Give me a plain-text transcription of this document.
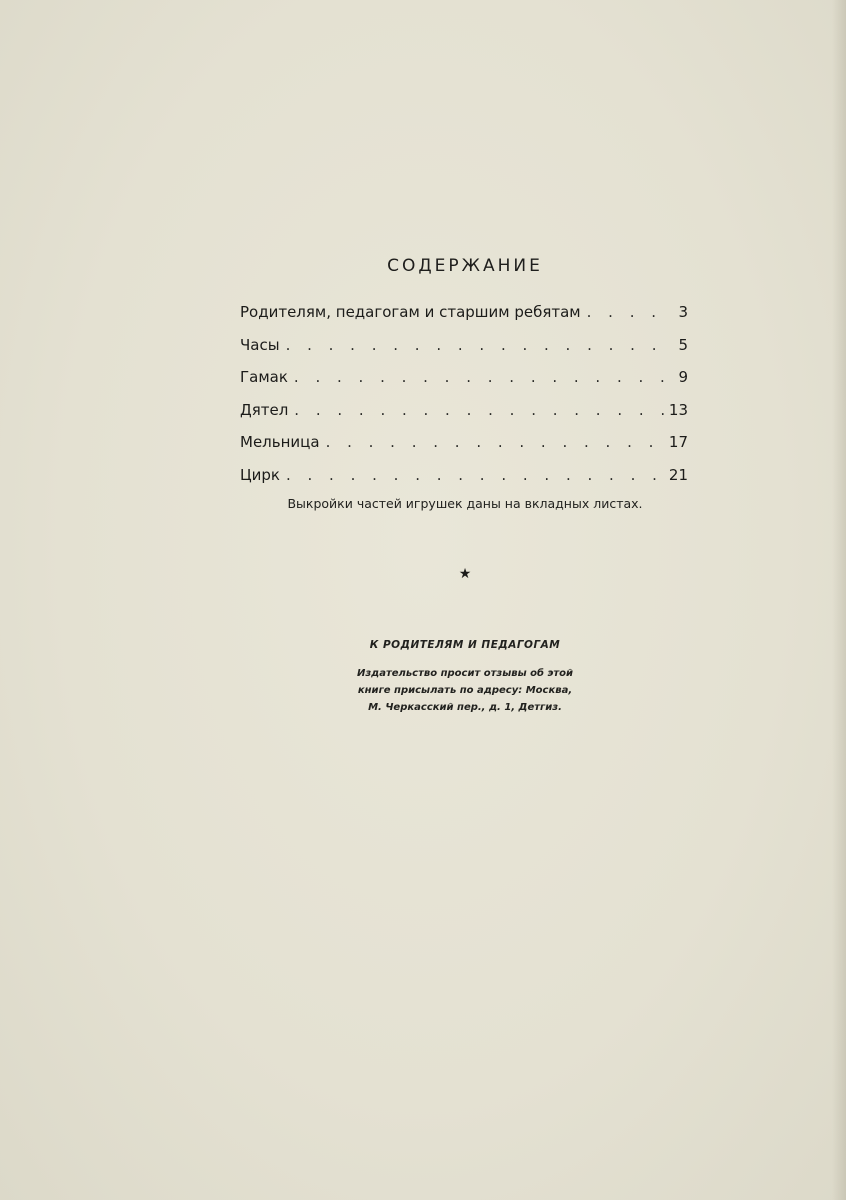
СОДЕРЖАНИЕ
Родителям, педагогам и старшим ребятам . . .	3
Часы . . .	5
Гамак . . .	9
Дятел . . .	13
Мельница . . .	17
Цирк . . .	21
Выкройки частей игрушек даны на вкладных листах.
★
К РОДИТЕЛЯМ И ПЕДАГОГАМ
Издательство просит отзывы об этой
книге присылать по адресу: Москва,
М. Черкасский пер., д. 1, Детгиз.
